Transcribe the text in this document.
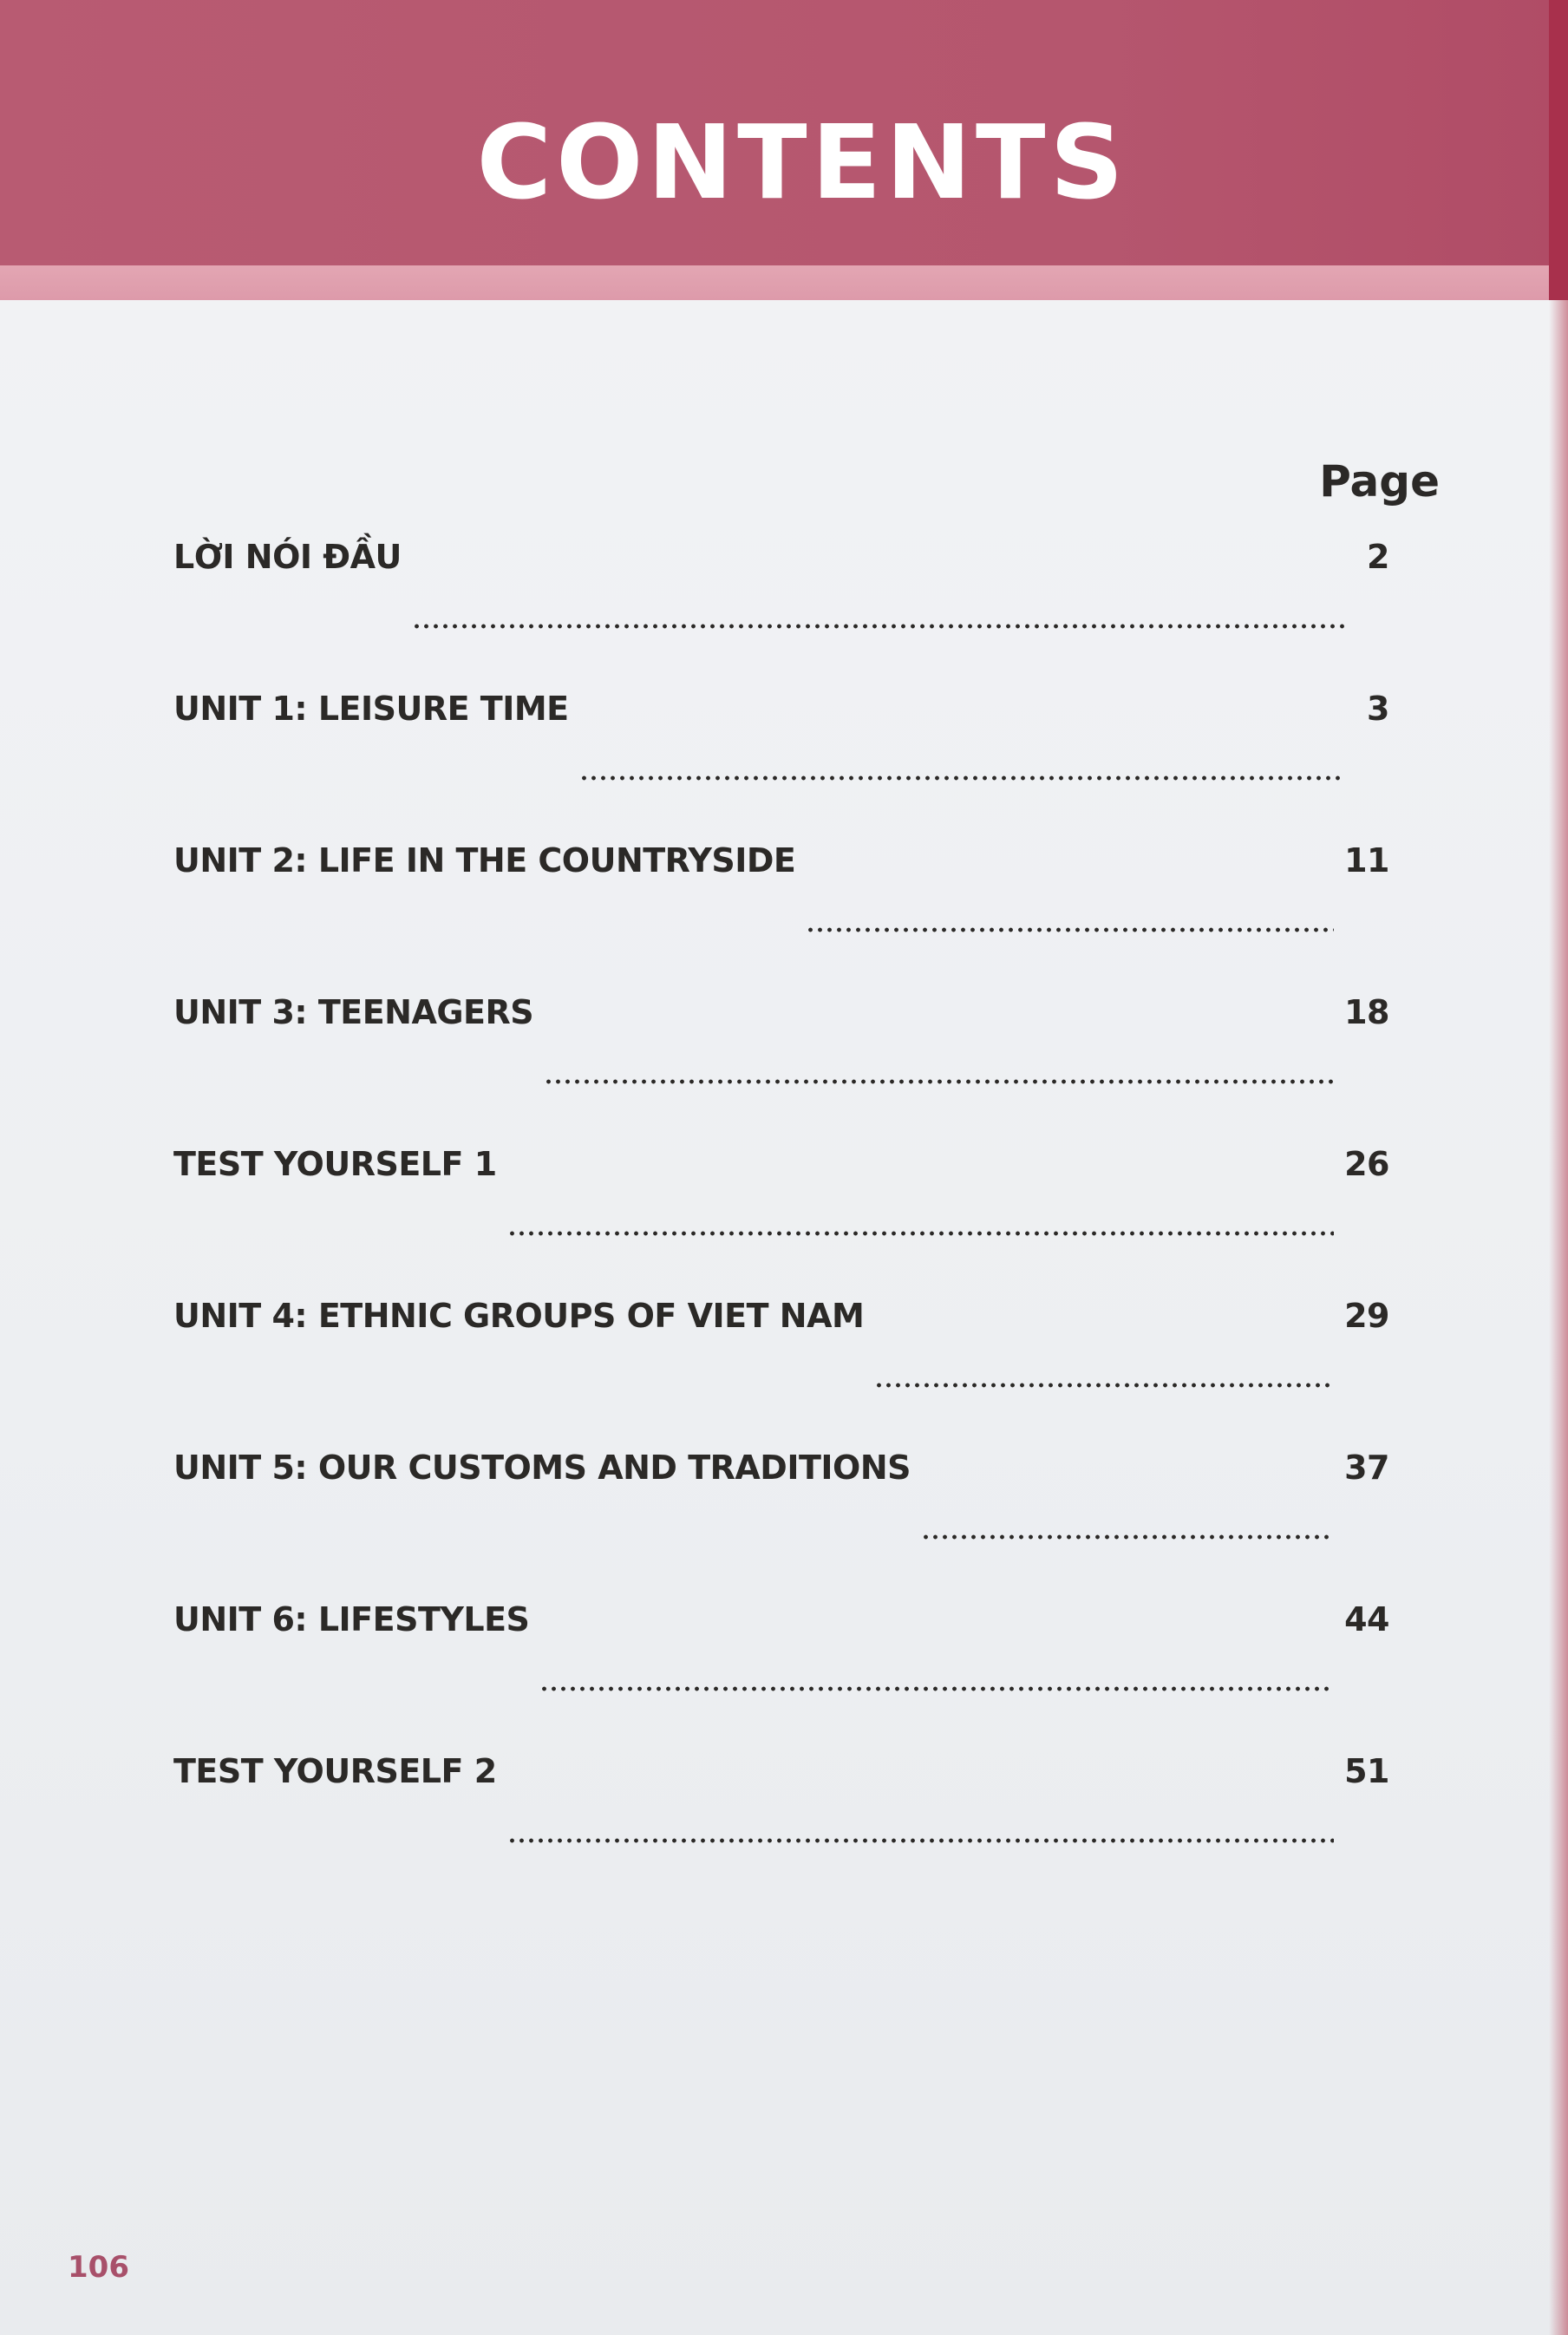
CONTENTS
Page
LỜI NÓI ĐẦU	2
UNIT 1: LEISURE TIME	3
UNIT 2: LIFE IN THE COUNTRYSIDE	11
UNIT 3: TEENAGERS	18
TEST YOURSELF 1	26
UNIT 4: ETHNIC GROUPS OF VIET NAM	29
UNIT 5: OUR CUSTOMS AND TRADITIONS	37
UNIT 6: LIFESTYLES	44
TEST YOURSELF 2	51
106
